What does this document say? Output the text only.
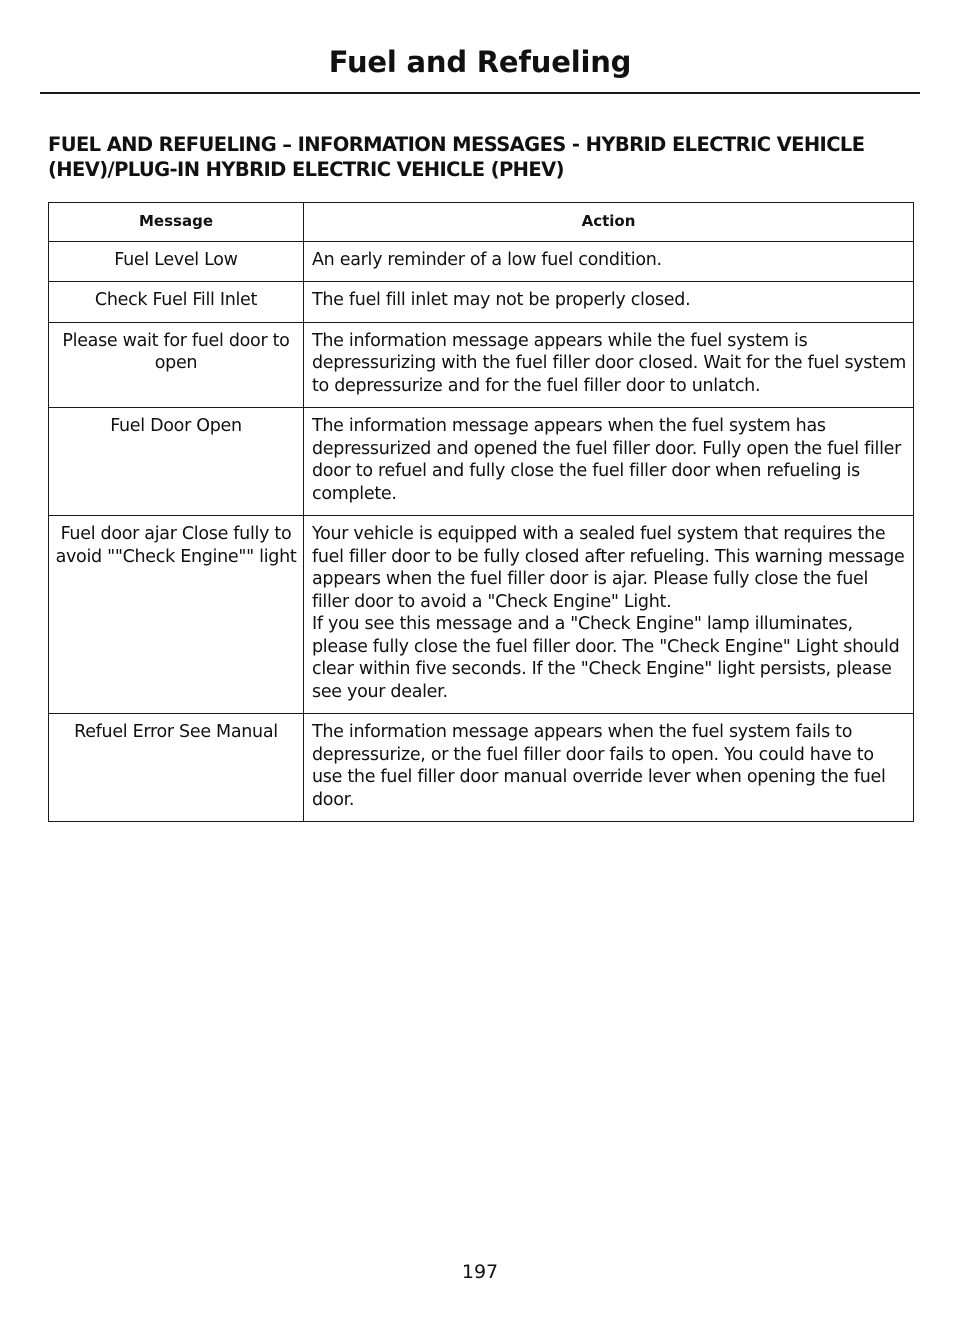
Fuel and Refueling
FUEL AND REFUELING – INFORMATION MESSAGES - HYBRID ELECTRIC VEHICLE (HEV)/PLUG-IN HYBRID ELECTRIC VEHICLE (PHEV)
Message	Action
Fuel Level Low	An early reminder of a low fuel condition.
Check Fuel Fill Inlet	The fuel fill inlet may not be properly closed.
Please wait for fuel door to open	The information message appears while the fuel system is depressurizing with the fuel filler door closed. Wait for the fuel system to depressurize and for the fuel filler door to unlatch.
Fuel Door Open	The information message appears when the fuel system has depressurized and opened the fuel filler door. Fully open the fuel filler door to refuel and fully close the fuel filler door when refueling is complete.
Fuel door ajar Close fully to avoid ""Check Engine"" light	Your vehicle is equipped with a sealed fuel system that requires the fuel filler door to be fully closed after refueling. This warning message appears when the fuel filler door is ajar. Please fully close the fuel filler door to avoid a "Check Engine" Light.
If you see this message and a "Check Engine" lamp illuminates, please fully close the fuel filler door. The "Check Engine" Light should clear within five seconds. If the "Check Engine" light persists, please see your dealer.

Refuel Error See Manual	The information message appears when the fuel system fails to depressurize, or the fuel filler door fails to open. You could have to use the fuel filler door manual override lever when opening the fuel door.
197
